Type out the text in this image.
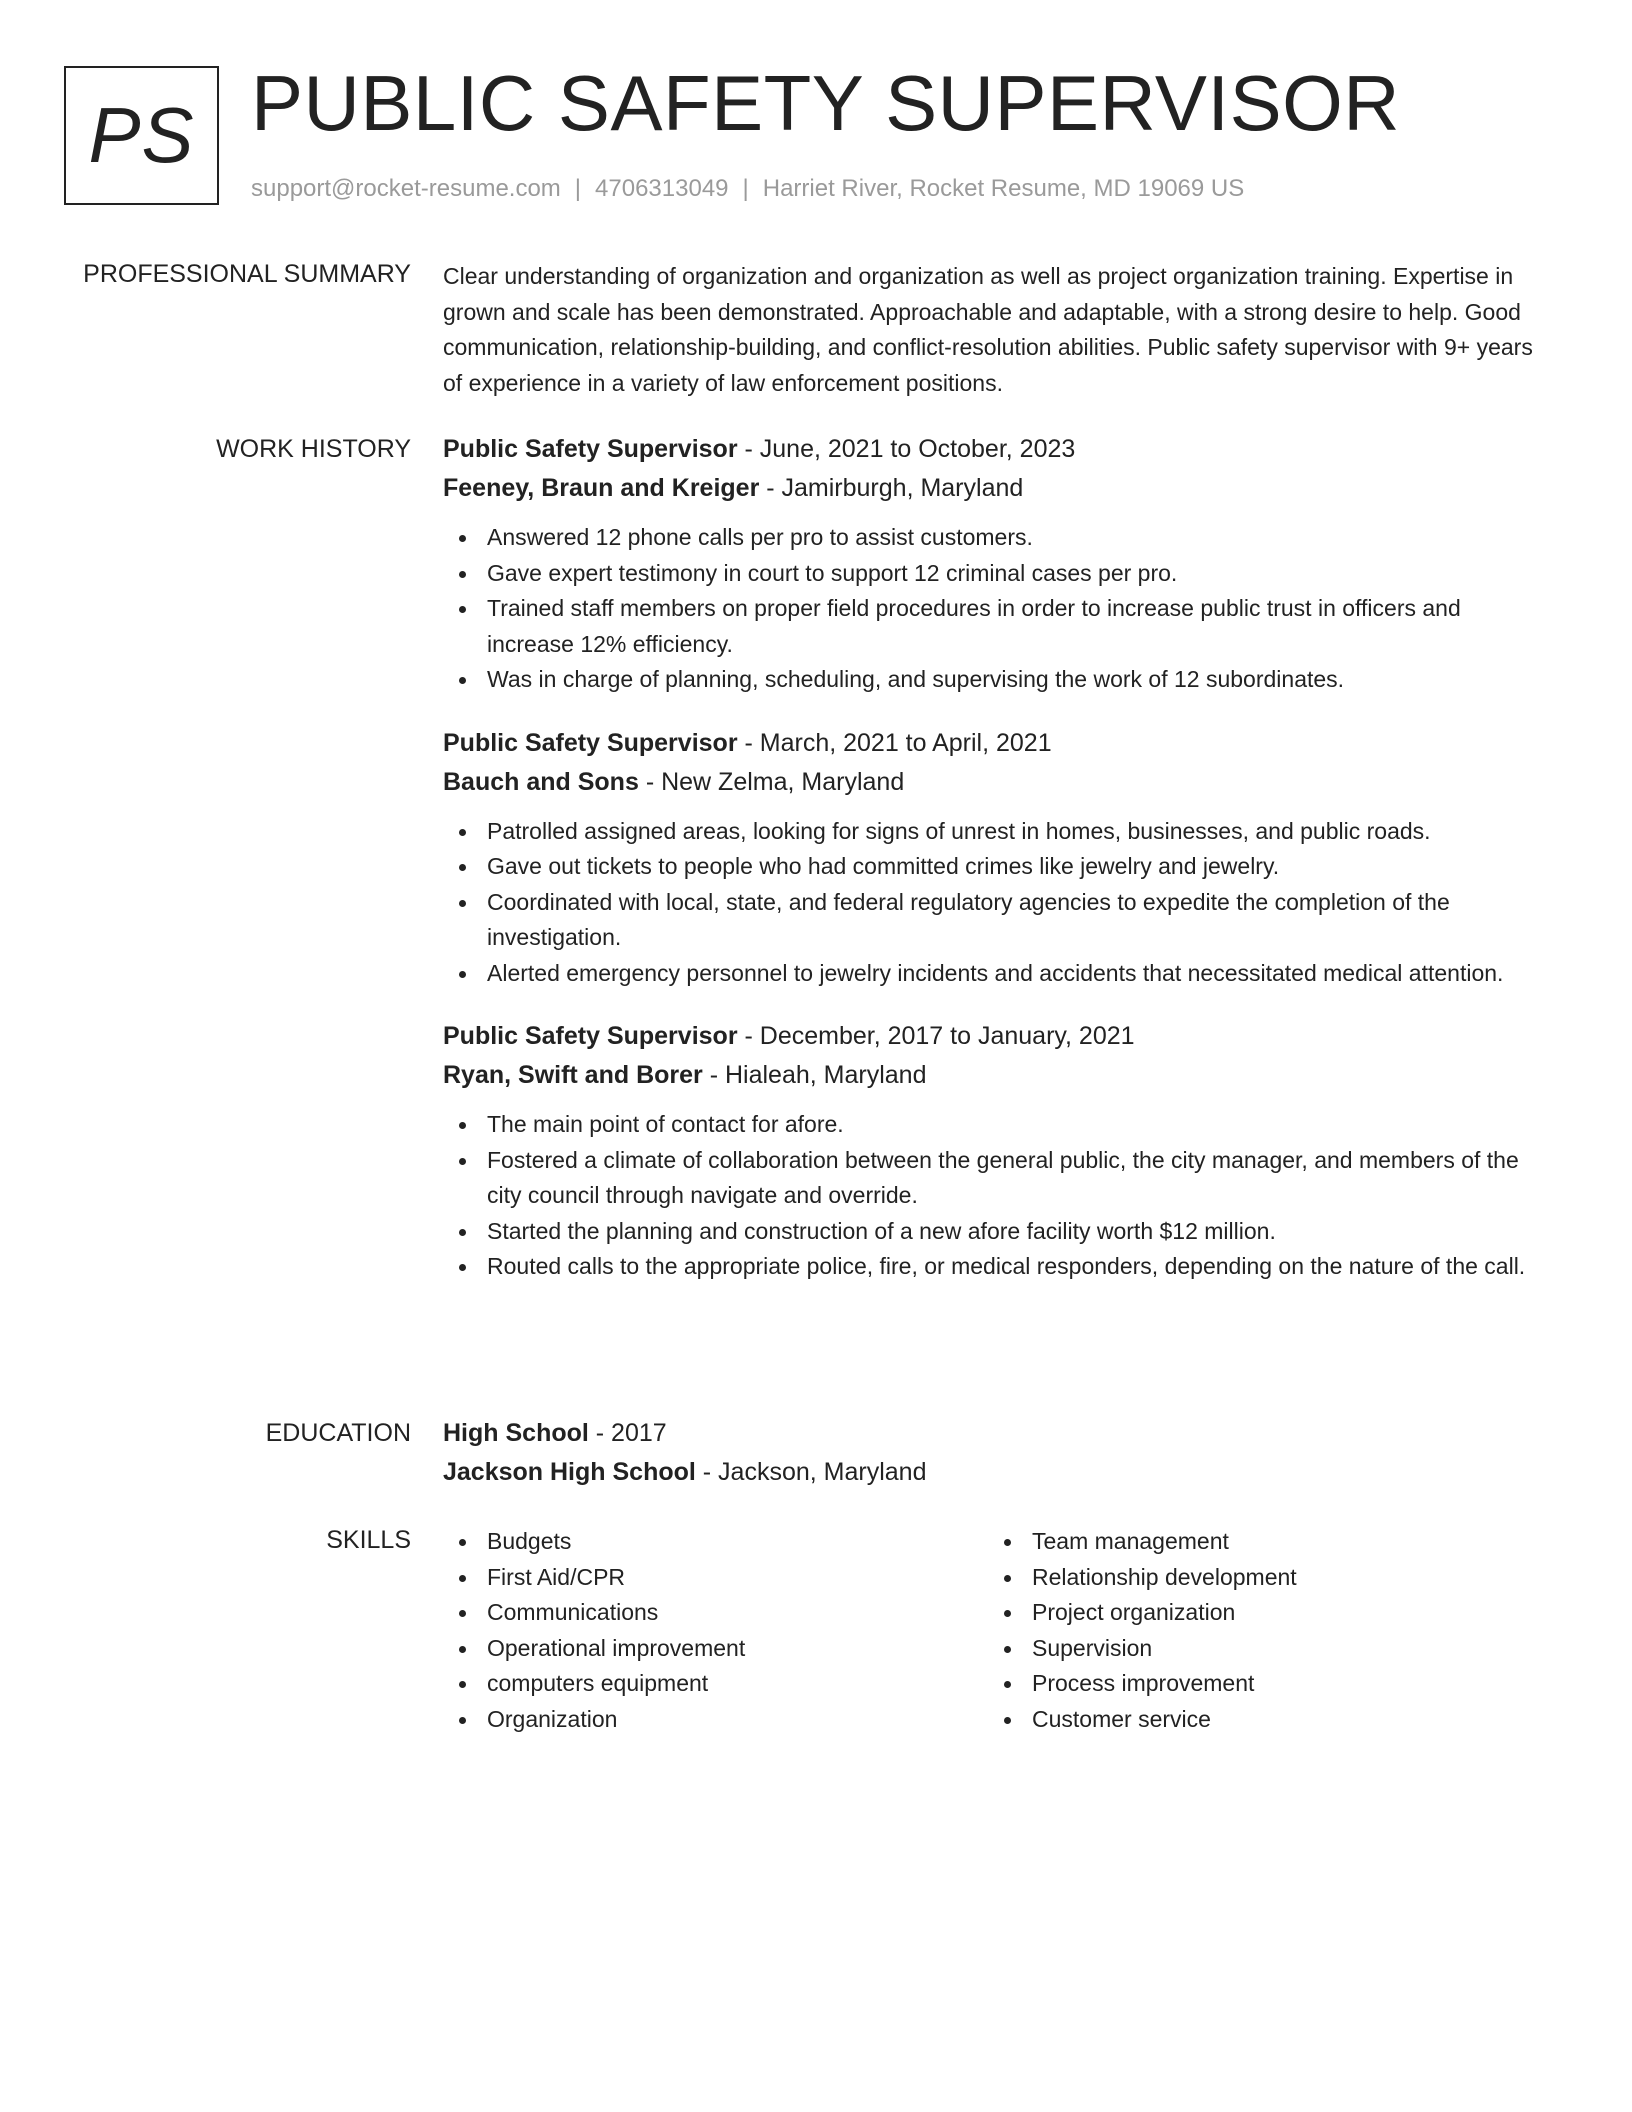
PS PUBLIC SAFETY SUPERVISOR
support@rocket-resume.com | 4706313049 | Harriet River, Rocket Resume, MD 19069 US
PROFESSIONAL SUMMARY Clear understanding of organization and organization as well as project organization training. Expertise in grown and scale has been demonstrated. Approachable and adaptable, with a strong desire to help. Good communication, relationship-building, and conflict-resolution abilities. Public safety supervisor with 9+ years of experience in a variety of law enforcement positions.

WORK HISTORY Public Safety Supervisor - June, 2021 to October, 2023
Feeney, Braun and Kreiger - Jamirburgh, Maryland
Answered 12 phone calls per pro to assist customers.
Gave expert testimony in court to support 12 criminal cases per pro.
Trained staff members on proper field procedures in order to increase public trust in officers and increase 12% efficiency.
Was in charge of planning, scheduling, and supervising the work of 12 subordinates.
Public Safety Supervisor - March, 2021 to April, 2021
Bauch and Sons - New Zelma, Maryland
Patrolled assigned areas, looking for signs of unrest in homes, businesses, and public roads.
Gave out tickets to people who had committed crimes like jewelry and jewelry.
Coordinated with local, state, and federal regulatory agencies to expedite the completion of the investigation.
Alerted emergency personnel to jewelry incidents and accidents that necessitated medical attention.
Public Safety Supervisor - December, 2017 to January, 2021
Ryan, Swift and Borer - Hialeah, Maryland
The main point of contact for afore.
Fostered a climate of collaboration between the general public, the city manager, and members of the city council through navigate and override.
Started the planning and construction of a new afore facility worth $12 million.
Routed calls to the appropriate police, fire, or medical responders, depending on the nature of the call.
EDUCATION High School - 2017
Jackson High School - Jackson, Maryland
SKILLS	Budgets
First Aid/CPR
Communications
Operational improvement
computers equipment
Organization
Team management
Relationship development
Project organization
Supervision
Process improvement
Customer service
